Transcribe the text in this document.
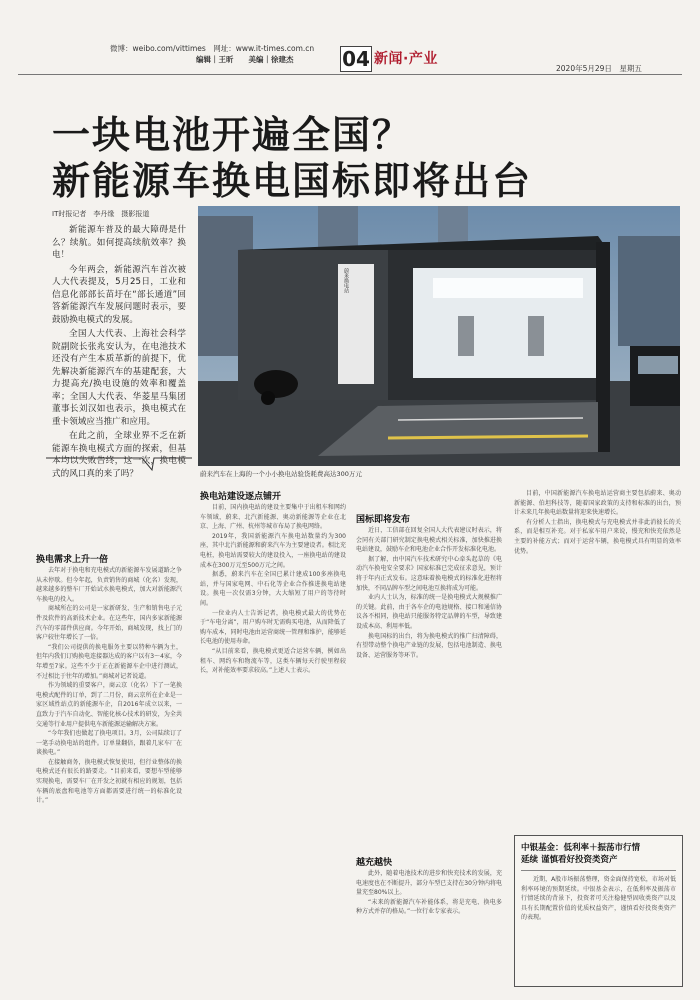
微博：weibo.com/vittimes　网址：www.it-times.com.cn
编辑｜王昕　　美编｜徐建杰 04 新闻·产业
2020年5月29日　星期五
一块电池开遍全国？
新能源车换电国标即将出台
IT时报记者　李丹缘　摄影报道

新能源车普及的最大障碍是什么？续航。如何提高续航效率？换电！

今年两会，新能源汽车首次被人大代表提及，5月25日，工业和信息化部部长苗圩在“部长通道”回答新能源汽车发展问题时表示，要鼓励换电模式的发展。

全国人大代表、上海社会科学院副院长张兆安认为，在电池技术还没有产生本质革新的前提下，优先解决新能源汽车的基建配套，大力提高充/换电设施的效率和覆盖率；全国人大代表、华菱星马集团董事长刘汉如也表示，换电模式在重卡领域应当推广和应用。

在此之前，全球业界不乏在新能源车换电模式方面的探索，但基本均以失败告终，这一次，换电模式的风口真的来了吗？

蔚来换电站
蔚来汽车在上海的一个小小换电站验货耗费高达300万元
换电需求上升一倍

去年对于换电和充电模式的新能源车发展道路之争从未停歇。但今年起，负责销售的商城（化名）发现，越来越多的整车厂开始试水换电模式，加大对新能源汽车换电的投入。

商城所在的公司是一家新研发、生产和销售电子元件及软件的高新技术企业。在这些年，国内多家新能源汽车的零部件供应商。今年开始，商城发现，找上门的客户较往年增长了一倍。

“我们公司提供的换电服务主要以特种车辆为主，但年内我们订购换电连接器达成的客户以有3～4家，今年增至7家。这些不少于正在新能源车企中进行测试，不过相比于往年的增加。”商城对记者说道。

作为领域的重要客户，商云京（化名）下了一笔换电模式配件的订单，到了二月份，商云京所在企业是一家区域性站点的新能源车企，自2016年成立以来，一直致力于汽车自动化、智能化核心技术的研发，为全共交通等行业用户提供电车新能源运输解决方案。

“今年我们也做起了换电项目。3月，公司陆续订了一笔手动换电站的组件。订单量翻倍，跟着几家车厂在谈换电。”

在接触商务，换电模式恢复使用，但行业整体的换电模式还有很长的路要走。“目前来看，要想车型能够实现换电，需要车厂在开发之初就有相应的规划，包括车辆的底盘和电池等方面都需要进行统一的标准化设计。”

换电站建设逐点铺开

目前，国内换电站的建设主要集中于出租车和网约车领域，蔚来、北汽新能源、奥动新能源等企业在北京、上海、广州、杭州等城市布局了换电网络。

2019年，我国新能源汽车换电站数量约为300座，其中北汽新能源和蔚来汽车为主要建设者。相比充电桩，换电站需要较大的建设投入，一座换电站的建设成本在300万元至500万元之间。

据悉，蔚来汽车在全国已累计建成100多座换电站，并与国家电网、中石化等企业合作推进换电站建设。换电一次仅需3分钟，大大缩短了用户的等待时间。

一位业内人士告诉记者，换电模式最大的优势在于“车电分离”，用户购车时无需购买电池，从而降低了购车成本，同时电池由运营商统一管理和维护，能够延长电池的使用寿命。

“从目前来看，换电模式更适合运营车辆，例如出租车、网约车和物流车等，这类车辆每天行驶里程较长，对补能效率要求较高。”上述人士表示。

国标即将发布

近日，工信部在回复全国人大代表建议时表示，将会同有关部门研究制定换电模式相关标准，加快推进换电站建设，鼓励车企和电池企业合作开发标准化电池。

据了解，由中国汽车技术研究中心牵头起草的《电动汽车换电安全要求》国家标准已完成征求意见，预计将于年内正式发布。这意味着换电模式的标准化进程将加快，不同品牌车型之间电池互换将成为可能。

业内人士认为，标准的统一是换电模式大规模推广的关键。此前，由于各车企的电池规格、接口和通信协议各不相同，换电站只能服务特定品牌的车型，导致建设成本高、利用率低。

换电国标的出台，将为换电模式的推广扫清障碍，有望带动整个换电产业链的发展，包括电池制造、换电设备、运营服务等环节。

越充越快

此外，随着电池技术的进步和快充技术的发展，充电速度也在不断提升，部分车型已支持在30分钟内将电量充至80%以上。

“未来的新能源汽车补能体系，将是充电、换电多种方式并存的格局。”一位行业专家表示。

目前，中国新能源汽车换电站运营商主要包括蔚来、奥动新能源、伯坦科技等，随着国家政策的支持和标准的出台，预计未来几年换电站数量将迎来快速增长。

有分析人士指出，换电模式与充电模式并非此消彼长的关系，而是相互补充。对于私家车用户来说，慢充和快充依然是主要的补能方式；而对于运营车辆，换电模式具有明显的效率优势。

中银基金：低利率＋振荡市行情
延续 谨慎看好投资类资产
近期，A股市场振荡整理，资金面保持宽松，市场对低利率环境的预期延续。中银基金表示，在低利率及振荡市行情延续的背景下，投资者可关注稳健型固收类资产以及具有长期配置价值的优质权益资产，谨慎看好投资类资产的表现。
